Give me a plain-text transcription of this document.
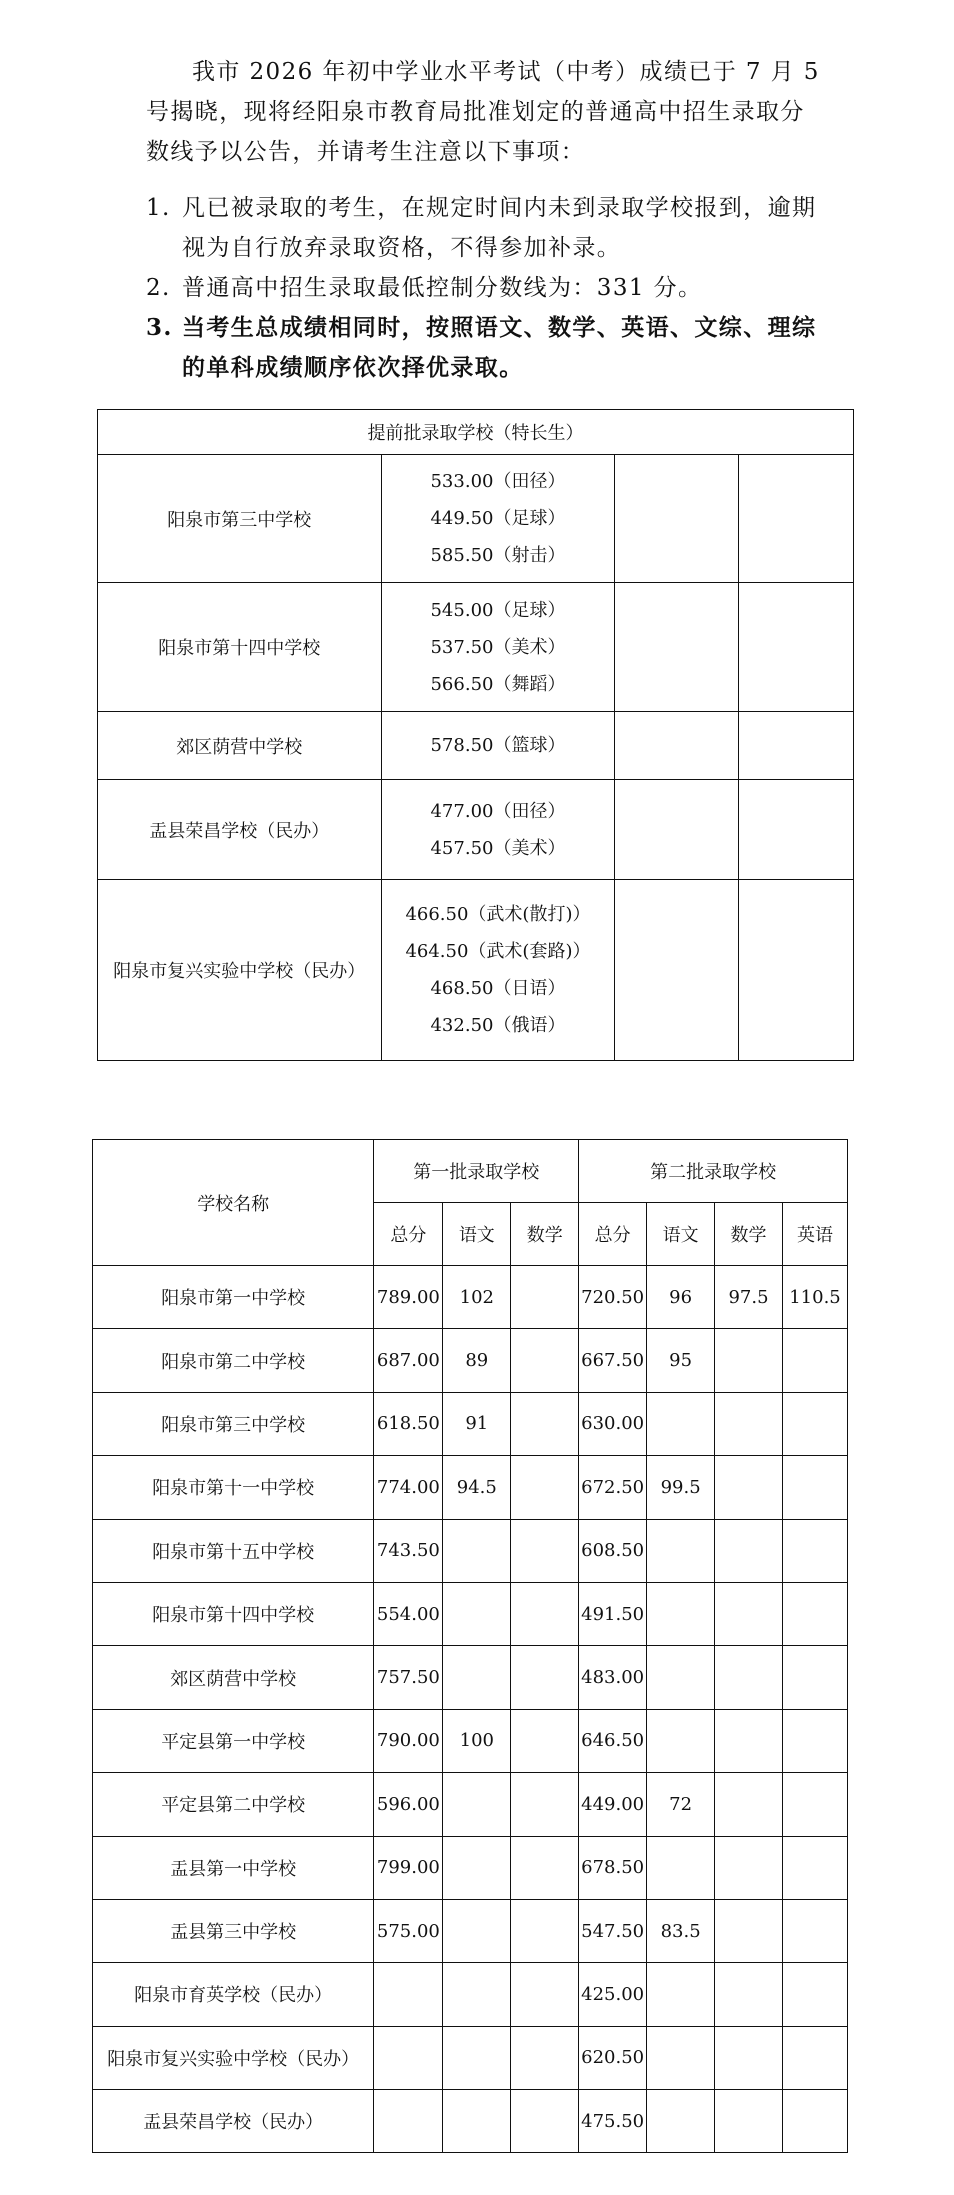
我市 2026 年初中学业水平考试（中考）成绩已于 7 月 5 号揭晓，现将经阳泉市教育局批准划定的普通高中招生录取分数线予以公告，并请考生注意以下事项：

1. 凡已被录取的考生，在规定时间内未到录取学校报到，逾期视为自行放弃录取资格，不得参加补录。
2. 普通高中招生录取最低控制分数线为：331 分。
3. 当考生总成绩相同时，按照语文、数学、英语、文综、理综的单科成绩顺序依次择优录取。
提前批录取学校（特长生）			
阳泉市第三中学校	533.00（田径）
449.50（足球）
585.50（射击）		

阳泉市第十四中学校	545.00（足球）
537.50（美术）
566.50（舞蹈）		

郊区荫营中学校	578.50（篮球）		

盂县荣昌学校（民办）	477.00（田径）
457.50（美术）		

阳泉市复兴实验中学校（民办）	466.50（武术(散打)）
464.50（武术(套路)）
468.50（日语）
432.50（俄语）		

学校名称	第一批录取学校			第二批录取学校			
	总分	语文	数学	总分	语文	数学	英语
阳泉市第一中学校	789.00	102		720.50	96	97.5	110.5
阳泉市第二中学校	687.00	89		667.50	95		
阳泉市第三中学校	618.50	91		630.00			
阳泉市第十一中学校	774.00	94.5		672.50	99.5		
阳泉市第十五中学校	743.50			608.50			
阳泉市第十四中学校	554.00			491.50			
郊区荫营中学校	757.50			483.00			
平定县第一中学校	790.00	100		646.50			
平定县第二中学校	596.00			449.00	72		
盂县第一中学校	799.00			678.50			
盂县第三中学校	575.00			547.50	83.5		
阳泉市育英学校（民办）				425.00			
阳泉市复兴实验中学校（民办）				620.50			
盂县荣昌学校（民办）				475.50			
